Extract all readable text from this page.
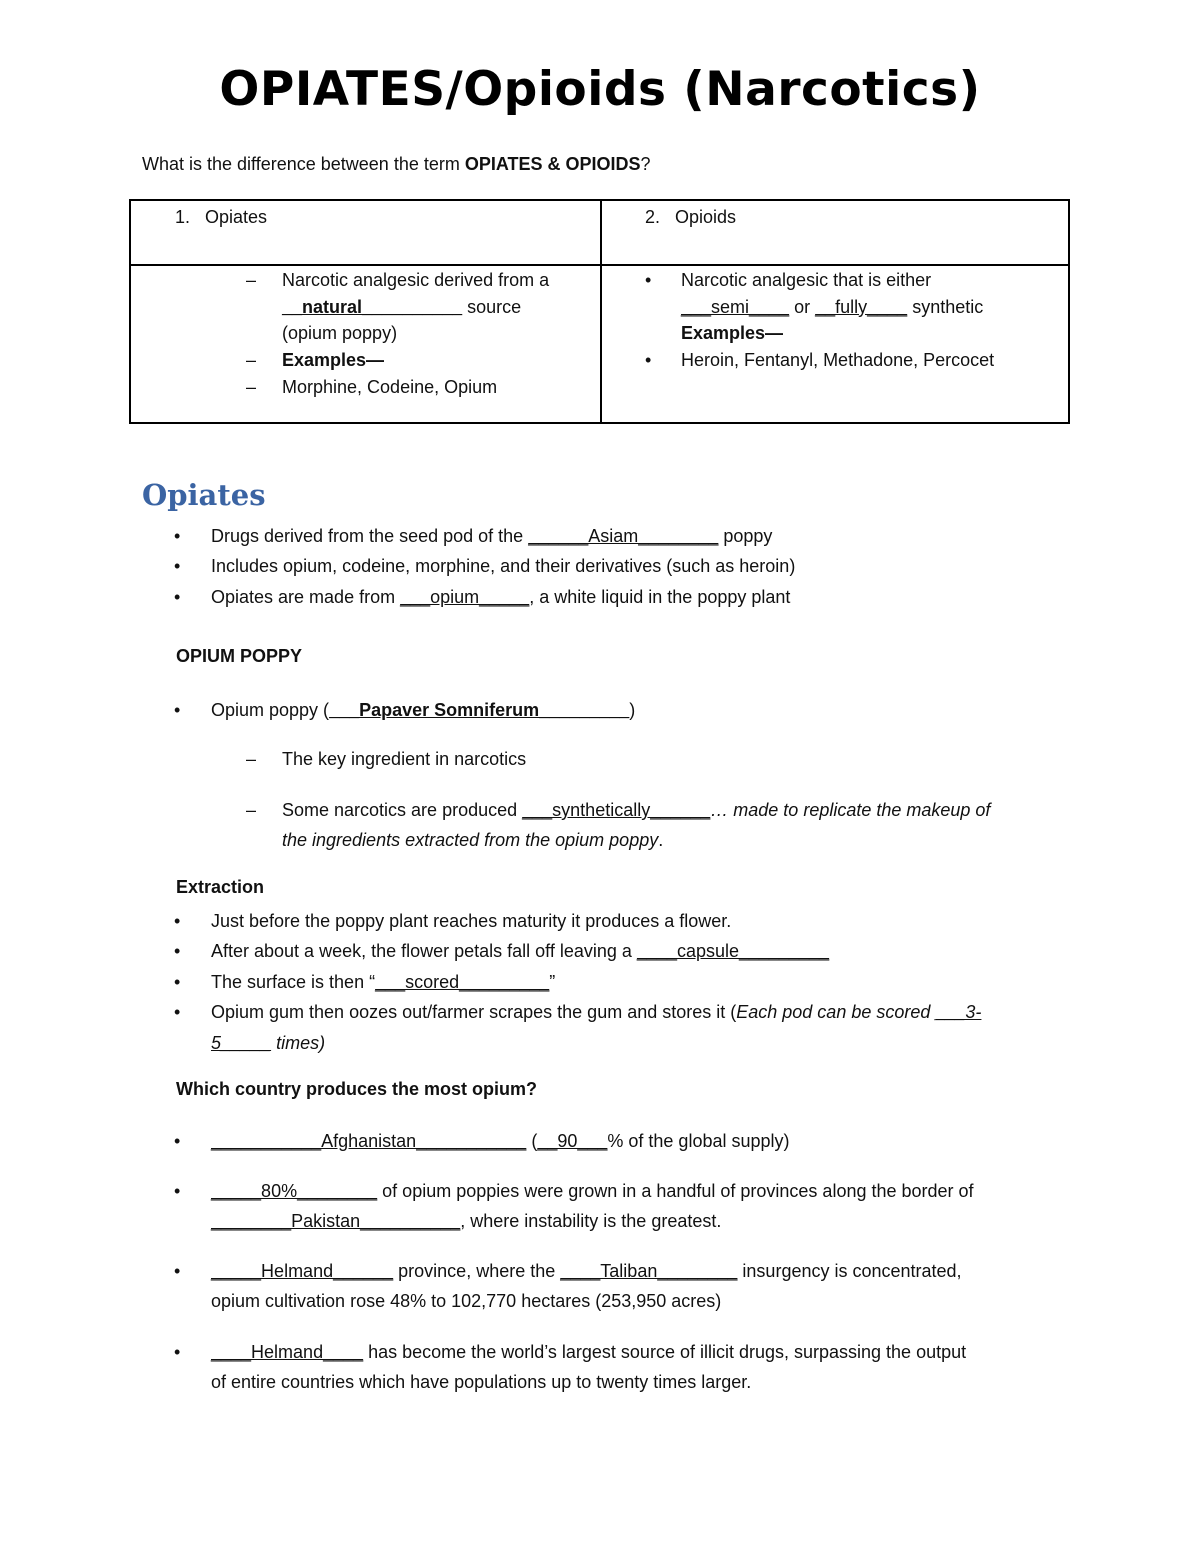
OPIATES/Opioids (Narcotics)
What is the difference between the term OPIATES & OPIOIDS?
1.   Opiates	2.   Opioids
– Narcotic analgesic derived from a
__natural__________ source
(opium poppy)
– Examples—
– Morphine, Codeine, Opium
• Narcotic analgesic that is either
___semi____ or __fully____ synthetic
Examples—
• Heroin, Fentanyl, Methadone, Percocet
Opiates
• Drugs derived from the seed pod of the ______Asiam________ poppy
• Includes opium, codeine, morphine, and their derivatives (such as heroin)
• Opiates are made from ___opium_____, a white liquid in the poppy plant
OPIUM POPPY
• Opium poppy (___Papaver Somniferum_________)
– The key ingredient in narcotics
– Some narcotics are produced ___synthetically______… made to replicate the makeup of
the ingredients extracted from the opium poppy.
Extraction
• Just before the poppy plant reaches maturity it produces a flower.
• After about a week, the flower petals fall off leaving a ____capsule_________
• The surface is then “___scored_________”
• Opium gum then oozes out/farmer scrapes the gum and stores it (Each pod can be scored ___3-
5_____ times)
Which country produces the most opium?
• ___________Afghanistan___________ (__90___% of the global supply)
• _____80%________ of opium poppies were grown in a handful of provinces along the border of
________Pakistan__________, where instability is the greatest.
• _____Helmand______ province, where the ____Taliban________ insurgency is concentrated,
opium cultivation rose 48% to 102,770 hectares (253,950 acres)
• ____Helmand____ has become the world’s largest source of illicit drugs, surpassing the output
of entire countries which have populations up to twenty times larger.
